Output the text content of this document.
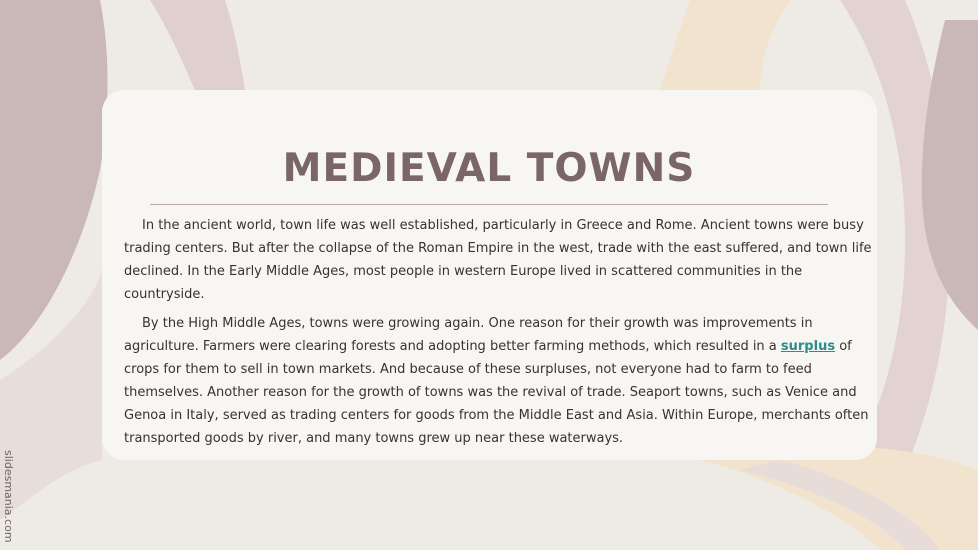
MEDIEVAL TOWNS

In the ancient world, town life was well established, particularly in Greece and Rome. Ancient towns were busy trading centers. But after the collapse of the Roman Empire in the west, trade with the east suffered, and town life declined. In the Early Middle Ages, most people in western Europe lived in scattered communities in the countryside.

By the High Middle Ages, towns were growing again. One reason for their growth was improvements in agriculture. Farmers were clearing forests and adopting better farming methods, which resulted in a surplus of crops for them to sell in town markets. And because of these surpluses, not everyone had to farm to feed themselves. Another reason for the growth of towns was the revival of trade. Seaport towns, such as Venice and Genoa in Italy, served as trading centers for goods from the Middle East and Asia. Within Europe, merchants often transported goods by river, and many towns grew up near these waterways.

slidesmania.com
